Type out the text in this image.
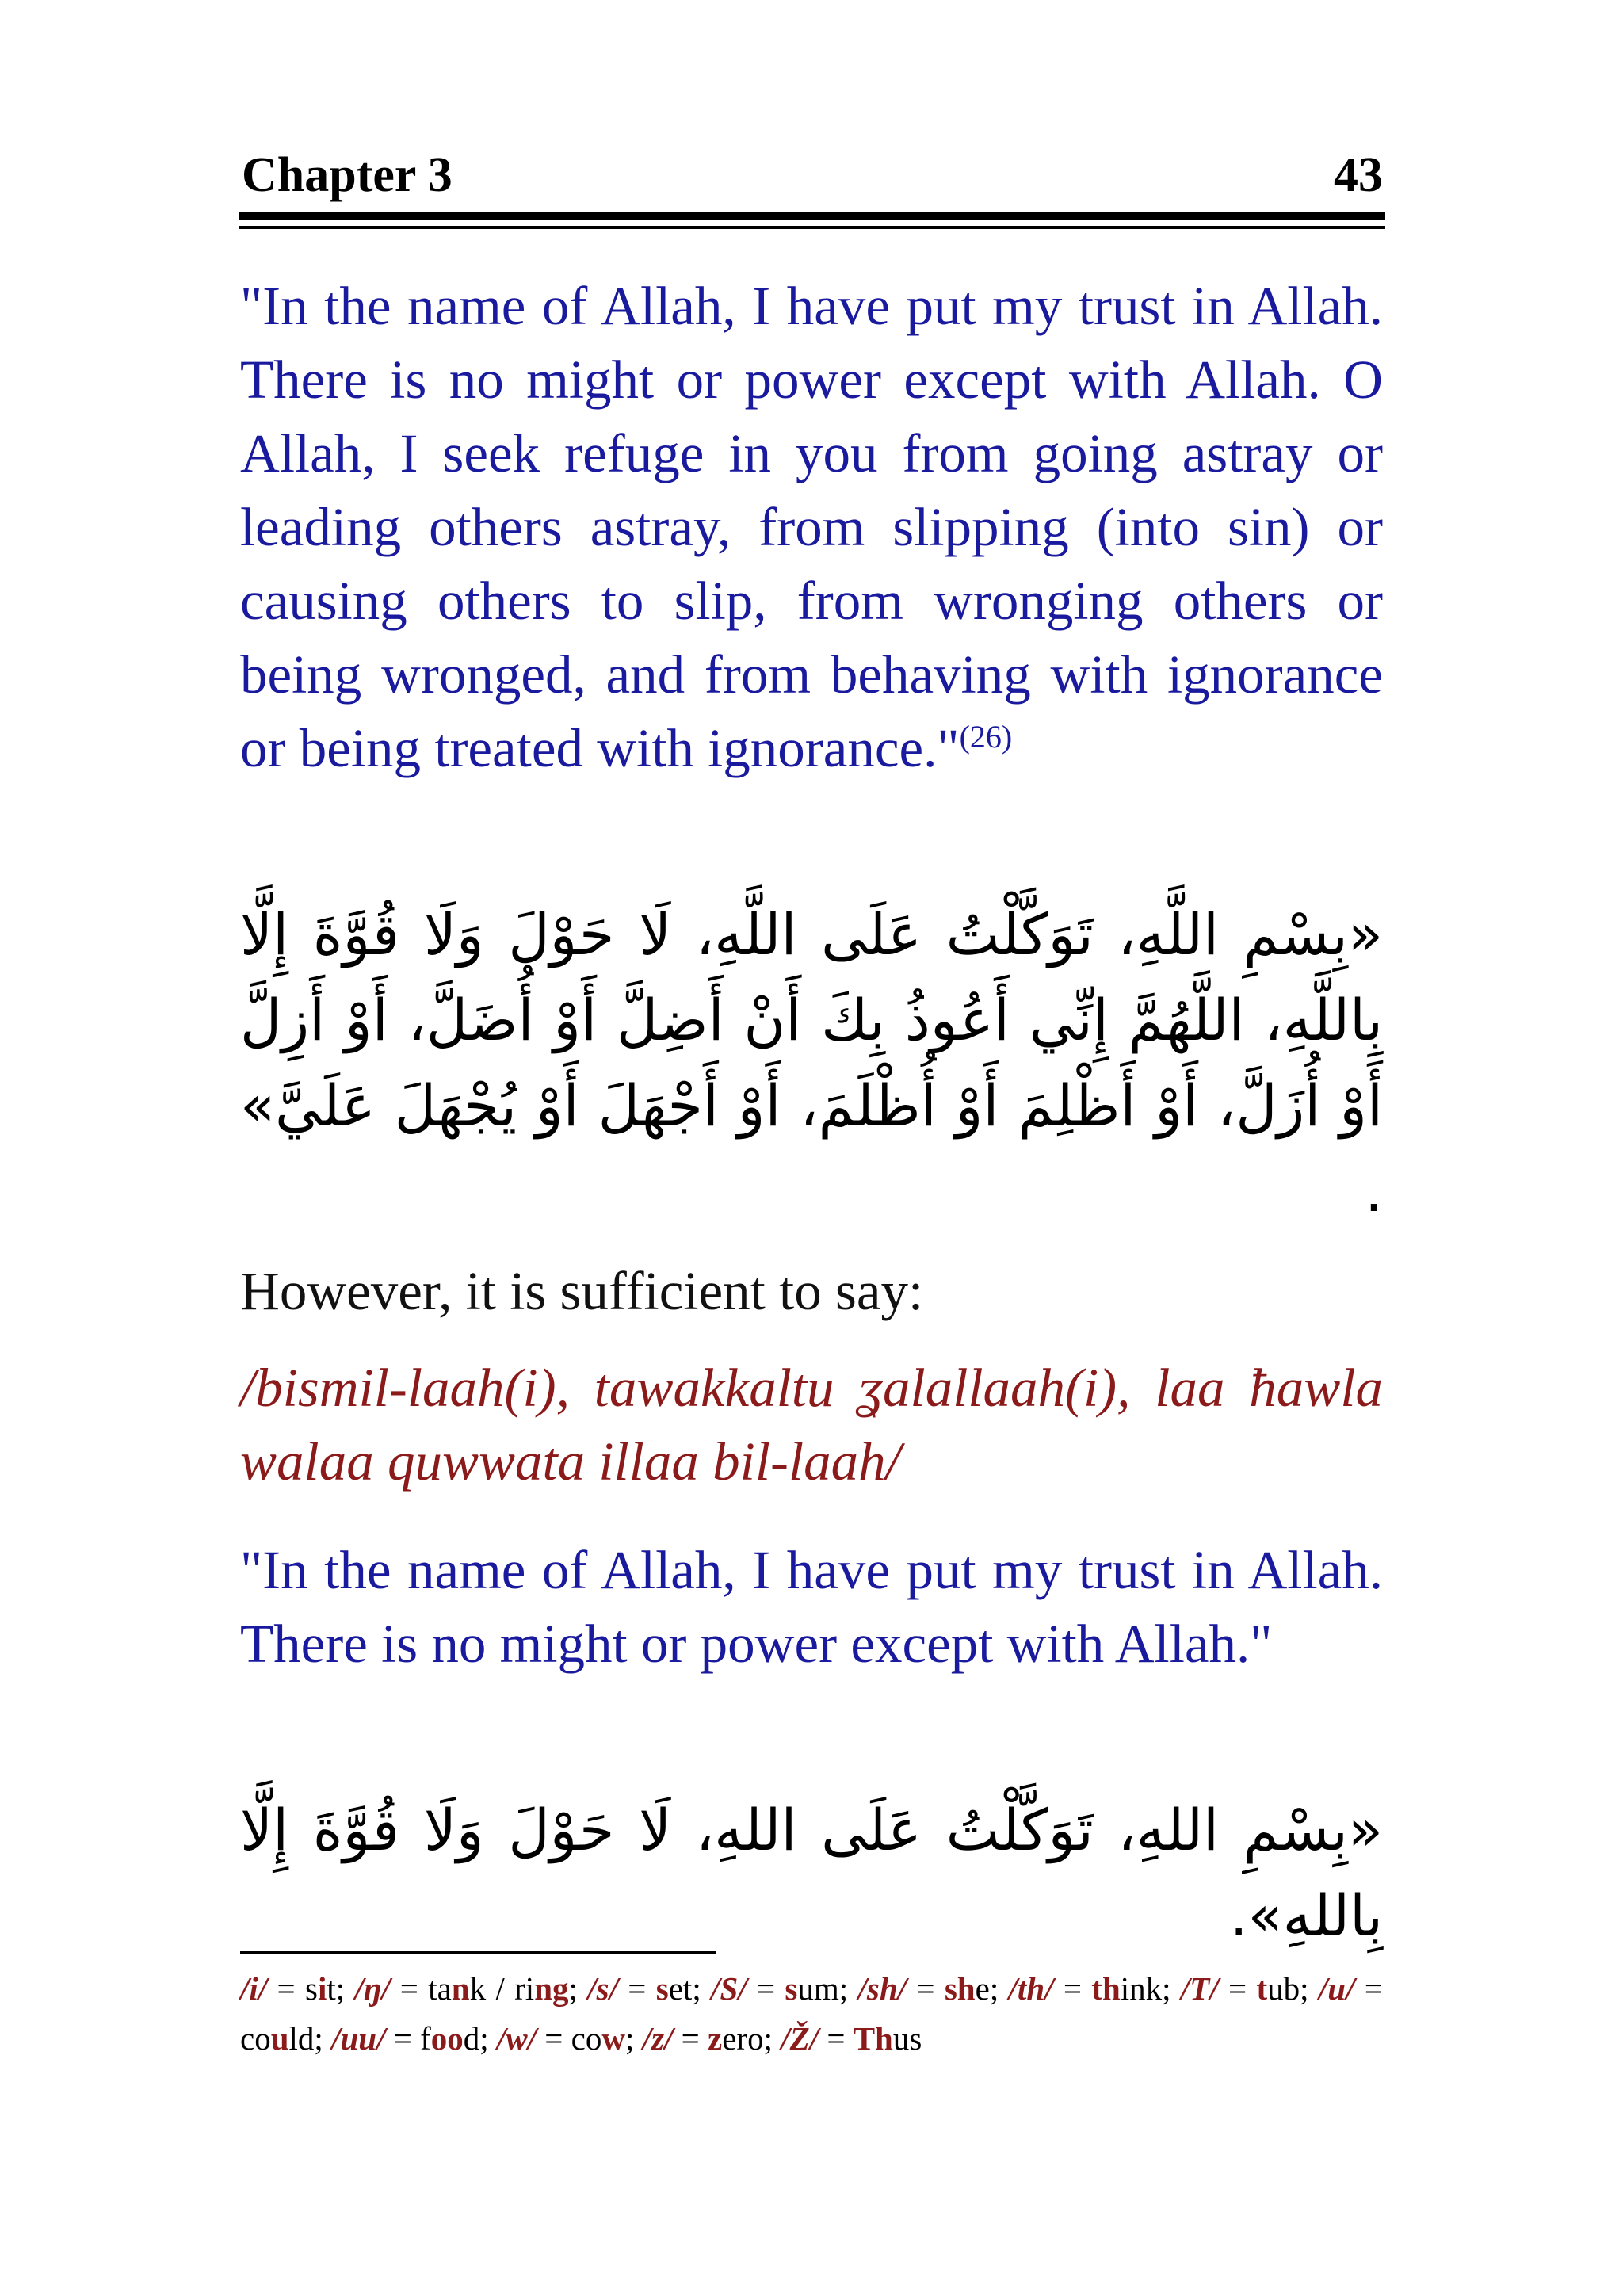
Chapter 3	43
"In the name of Allah, I have put my trust in Allah. There is no might or power except with Allah. O Allah, I seek refuge in you from going astray or leading others astray, from slipping (into sin) or causing others to slip, from wronging others or being wronged, and from behaving with ignorance or being treated with ignorance."$^{(26)}$
«بِسْمِ اللَّهِ، تَوَكَّلْتُ عَلَى اللَّهِ، لَا حَوْلَ وَلَا قُوَّةَ إِلَّا بِاللَّهِ، اللَّهُمَّ إِنِّي أَعُوذُ بِكَ أَنْ أَضِلَّ أَوْ أُضَلَّ، أَوْ أَزِلَّ أَوْ أُزَلَّ، أَوْ أَظْلِمَ أَوْ أُظْلَمَ، أَوْ أَجْهَلَ أَوْ يُجْهَلَ عَلَيَّ» .
However, it is sufficient to say:
/bismil-laah(i), tawakkaltu ʓalallaah(i), laa ħawla walaa quwwata illaa bil-laah/
"In the name of Allah, I have put my trust in Allah. There is no might or power except with Allah."
«بِسْمِ اللهِ، تَوَكَّلْتُ عَلَى اللهِ، لَا حَوْلَ وَلَا قُوَّةَ إِلَّا بِاللهِ».
/i/ = sit; /ŋ/ = tank / ring; /s/ = set; /S/ = sum; /sh/ = she; /th/ = think; /T/ = tub; /u/ = could; /uu/ = food; /w/ = cow; /z/ = zero; /Ž/ = Thus
